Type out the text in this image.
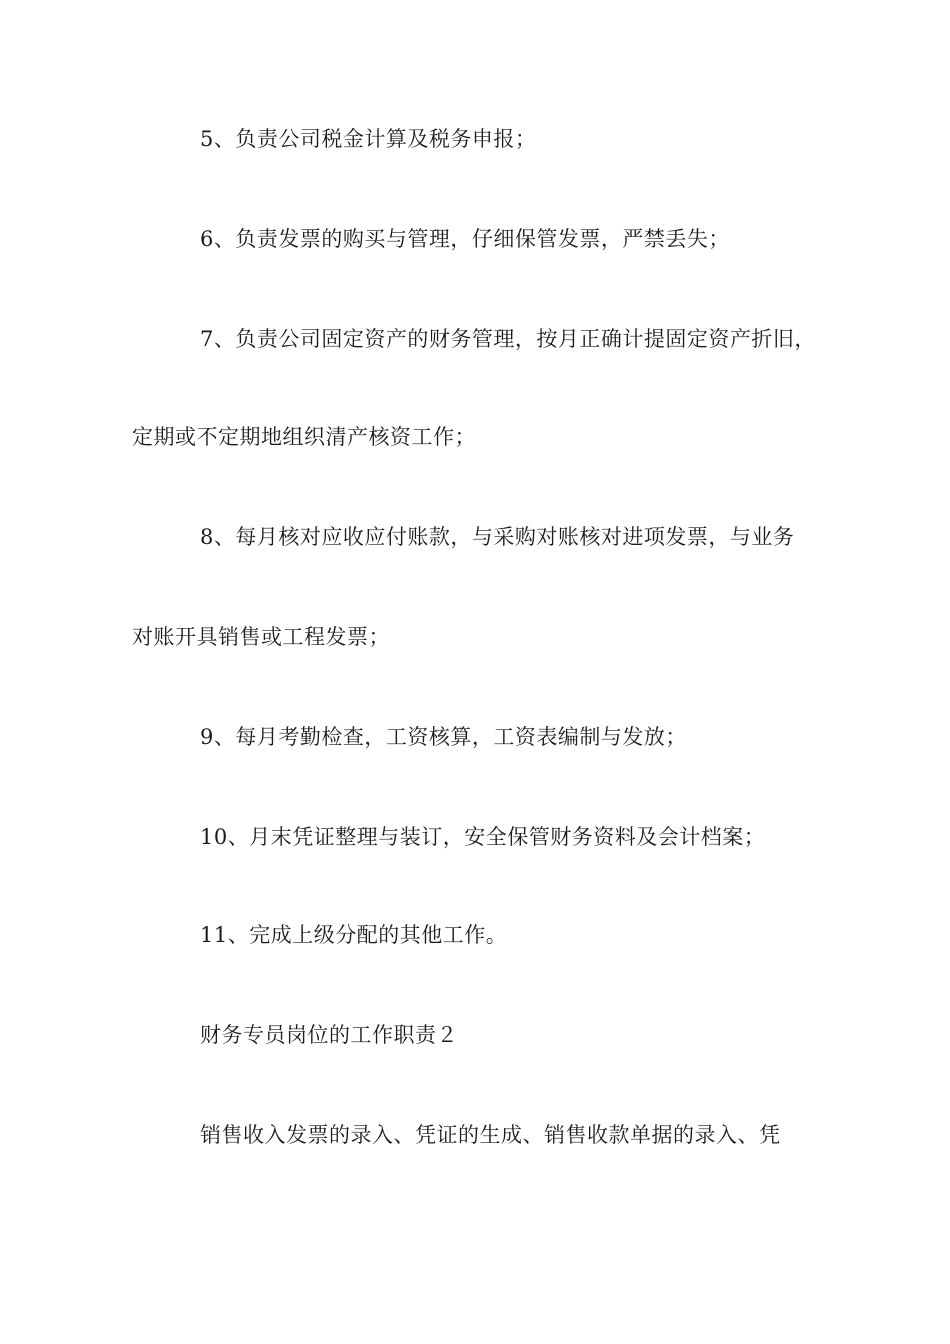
5、负责公司税金计算及税务申报；
6、负责发票的购买与管理，仔细保管发票，严禁丢失；
7、负责公司固定资产的财务管理，按月正确计提固定资产折旧，
定期或不定期地组织清产核资工作；
8、每月核对应收应付账款，与采购对账核对进项发票，与业务
对账开具销售或工程发票；
9、每月考勤检查，工资核算，工资表编制与发放；
10、月末凭证整理与装订，安全保管财务资料及会计档案；
11、完成上级分配的其他工作。
财务专员岗位的工作职责２
销售收入发票的录入、凭证的生成、销售收款单据的录入、凭
